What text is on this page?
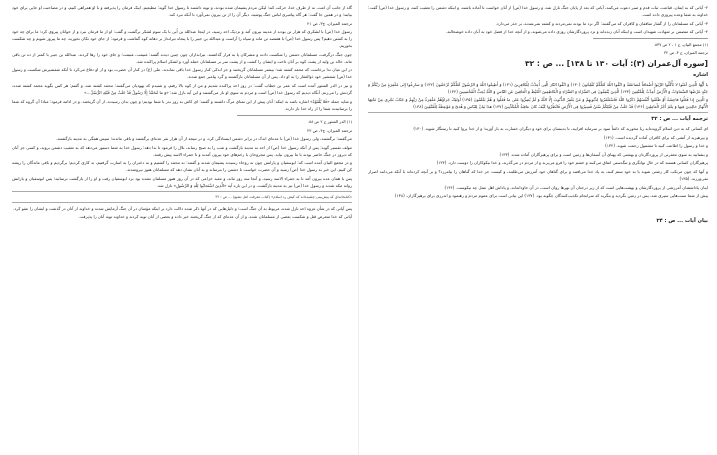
گاه از جانب آن امت، نه از طرف خدا، حرکت کند؛ لیکن مردم پشیمان شده بودند، و توبه داشتند تا رسول خدا گوید: مطیعیم. اینک فرمان را پذیرفته و با او همراهی کنیم، و در مصاحبت او جایی برای خود بیابند؛ و در همین جا گفت: هر گاه پیامبری لباس جنگ پوشید، دیگر آن را از تن بیرون نمی‌آورد تا آنکه نبرد کند.

ترجمه المیزان، ج۳، ص ۲۱

رسول خدا (ص) با لشکری که هزار تن بودند از مدینه بیرون آمد و نزدیک احد رسید، در اینجا عبدالله بن اُبی با یک سوم لشکر برگشت و گفت: او از ما فرمان نبرد و از جوانان پیروی کرد؛ ما برای چه خود را به کشتن دهیم؟ پس رسول خدا (ص) با هفتصد تن ماند و سپاه را آراست و عبدالله بن جبیر را با پنجاه تیرانداز بر دهانه کوه گماشت و فرمود: از جای خود تکان نخورید، چه ما پیروز شویم و چه شکست بخوریم.

چون جنگ درگرفت، مسلمانان دشمن را شکست دادند و مشرکان پا به فرار گذاشتند. تیراندازان چون چنین دیدند گفتند: غنیمت، غنیمت؛ و جای خود را رها کردند. عبدالله بن جبیر با کمتر از ده تن باقی ماند. خالد بن ولید از پشت کوه بر آنان تاخت و ایشان را کشت و از پشت سر بر مسلمانان حمله آورد و لشکر اسلام پراکنده شد.

در این میان ندا برخاست که محمد کشته شد؛ بیشتر مسلمانان گریختند و جز اندکی کنار رسول خدا باقی نماندند. علی (ع) در کنار آن حضرت بود و از او دفاع می‌کرد تا آنکه شمشیرش شکست و رسول خدا (ص) شمشیر خود ذوالفقار را به او داد. پس از آن مسلمانان بازگشتند و گرد پیامبر جمع شدند.

و نیز در الدر المنثور آمده است که عمر بن خطاب گفت: در روز احد پراکنده شدیم و من از کوه بالا رفتم، و شنیدم که یهودیان می‌گفتند: محمد کشته شد، و گفتم: هر کس بگوید محمد کشته شده، گردنش را می‌زنم. آنگاه دیدیم که رسول خدا (ص) است و مردم به سوی او باز می‌گشتند و این آیه نازل شد: «وَ ما مُحَمَّدٌ إِلّا رَسُولٌ قَدْ خَلَتْ مِنْ قَبْلِهِ الرُّسُلُ...»

و شاید جمله «فَلا یُلْقَوْهُ» اشاره باشد به اینکه: آنان پیش از این تمنای مرگ داشتند و گفتند: ای کاش به روز بدر با شما بودیم؛ و چون بدان رسیدند، از آن گریختند. و در ادامه فرمود: مبادا آن گروه که شما را ترسانیدند شما را از راه خدا باز دارند.

(۱) الدر المنثور ج ۲ ص ۸۸.

ترجمه المیزان، ج۴، ص ۲۲

می‌گفتند: برگشتند، ولی رسول خدا (ص) با عده‌ای اندک در برابر دشمن ایستادگی کرد، و در نتیجه از آن هزار نفر عده‌ای برگشتند و باقی ماندند؛ سپس همگی به مدینه بازگشتند.

مولف تفسیر گوید: پس از آنکه رسول خدا (ص) از احد به مدینه بازگشت و شب را به صبح رساند، بلال را فرمود تا ندا دهد: رسول خدا به شما دستور می‌دهد که به تعقیب دشمن بروید، و کسی جز آنان که دیروز در جنگ حاضر بودند با ما بیرون نیاید. پس مجروحان با زخم‌های خود بیرون آمدند و تا حمراء الاسد پیش رفتند.

و در مجمع البیان آمده است که: ابوسفیان و یارانش چون به روحاء رسیدند پشیمان شدند و گفتند: نه محمد را کشتیم و نه دختران را به اسارت گرفتیم، بد کاری کردیم؛ برگردیم و باقی ماندگان را ریشه کن کنیم. این خبر به رسول خدا (ص) رسید و آن حضرت خواست تا دشمن را بترساند و به آنان نشان دهد که مسلمانان هنوز نیرومندند.

پس با همان عده بیرون آمد تا به حمراء الاسد رسید، و آنجا سه روز ماند، و معبد خزاعی که در آن روز هنوز مسلمان نشده بود نزد ابوسفیان رفت و او را از بازگشت ترسانید؛ پس ابوسفیان و یارانش روانه مکه شدند و رسول خدا (ص) نیز به مدینه بازگشت، و در این باره آیه «الَّذِینَ اسْتَجابُوا لِلّهِ وَ الرَّسُولِ» نازل شد.

«کتابخانه‌ای که پیش‌بینی چشیده‌اند که کیش رد اسلام» (کتاب معرفت اهل تشیع) ... ص : ۳۲

پس آیاتی که در شأن غزوه احد نازل شده، مربوط به آن جنگ است؛ و دلیل‌هایی که در آنها ذکر شده دلالت دارد بر اینکه مؤمنان در آن جنگ آزمایش شدند و خداوند از آنان در گذشت و ایشان را عفو کرد.

آیاتی که خدا متعرض قتل و شکست بعضی از مسلمانان شده، و از آن عده‌ای که از جنگ گریختند خبر داده و بعضی از آنان توبه کردند و خداوند توبه آنان را پذیرفت.

۲- آیاتی که به ایمان، قناعت، ثبات قدم و صبر دعوت می‌کنند، آیاتی که بعد از پایان جنگ نازل شد، و رسول خدا (ص) از آنان خواست تا آماده باشند، و اینکه دشمن را تعقیب کنند، و رسول خدا (ص) گفت: خداوند به شما وعده پیروزی داده است.

۳- آیاتی که مسلمانان را از گفتار منافقان و کافران که می‌گفتند: اگر نزد ما بودند نمی‌مردند و کشته نمی‌شدند، بر حذر می‌دارد.

۴- آیاتی که متضمن بر شهادت شهیدان است و اینکه آنان زنده‌اند و نزد پروردگارشان روزی داده می‌شوند، و از آنچه خدا از فضل خود به آنان داده خوشحالند.

(۱) مجمع البیان، ج ۱ - ۲ ص ۸۳۷.

ترجمه المیزان، ج ۳، ص ۳۲

[سوره آل‌عمران (۳): آیات ۱۳۰ تا ۱۳۸] ... ص : ۳۲

اشاره

یا أَیُّهَا الَّذِینَ آمَنُوا لا تَأْکُلُوا الرِّبَوا أَضْعافاً مُضاعَفَةً وَ اتَّقُوا اللّهَ لَعَلَّکُمْ تُفْلِحُونَ (۱۳۰) وَ اتَّقُوا النّارَ الَّتِی أُعِدَّتْ لِلْکافِرِینَ (۱۳۱) وَ أَطِیعُوا اللّهَ وَ الرَّسُولَ لَعَلَّکُمْ تُرْحَمُونَ (۱۳۲) وَ سارِعُوا إِلی مَغْفِرَةٍ مِنْ رَبِّکُمْ وَ جَنَّةٍ عَرْضُهَا السَّماواتُ وَ الْأَرْضُ أُعِدَّتْ لِلْمُتَّقِینَ (۱۳۳) الَّذِینَ یُنْفِقُونَ فِی السَّرّاءِ وَ الضَّرّاءِ وَ الْکاظِمِینَ الْغَیْظَ وَ الْعافِینَ عَنِ النّاسِ وَ اللّهُ یُحِبُّ الْمُحْسِنِینَ (۱۳۴)

وَ الَّذِینَ إِذا فَعَلُوا فاحِشَةً أَوْ ظَلَمُوا أَنْفُسَهُمْ ذَکَرُوا اللّهَ فَاسْتَغْفَرُوا لِذُنُوبِهِمْ وَ مَنْ یَغْفِرُ الذُّنُوبَ إِلَّا اللّهُ وَ لَمْ یُصِرُّوا عَلی ما فَعَلُوا وَ هُمْ یَعْلَمُونَ (۱۳۵) أُولئِکَ جَزاؤُهُمْ مَغْفِرَةٌ مِنْ رَبِّهِمْ وَ جَنّاتٌ تَجْرِی مِنْ تَحْتِهَا الْأَنْهارُ خالِدِینَ فِیها وَ نِعْمَ أَجْرُ الْعامِلِینَ (۱۳۶) قَدْ خَلَتْ مِنْ قَبْلِکُمْ سُنَنٌ فَسِیرُوا فِی الْأَرْضِ فَانْظُرُوا کَیْفَ کانَ عاقِبَةُ الْمُکَذِّبِینَ (۱۳۷) هذا بَیانٌ لِلنّاسِ وَ هُدیً وَ مَوْعِظَةٌ لِلْمُتَّقِینَ (۱۳۸)

ترجمه آیات ... ص : ۳۲

ای کسانی که به دین اسلام گرویده‌اید ربا مخورید که دائماً سود بر سرمایه افزایید، تا بدینسان برای خود و دیگران خسارت به بار آورید؛ و از خدا پروا کنید تا رستگار شوید. (۱۳۰)

و بپرهیزید از آتشی که برای کافران آماده گردیده است. (۱۳۱)

و خدا و رسول را اطاعت کنید تا مشمول رحمت شوید. (۱۳۲)

و بشتابید به سوی مغفرتی از پروردگارتان و بهشتی که پهنای آن آسمان‌ها و زمین است و برای پرهیزگاران آماده شده. (۱۳۳)

پرهیزگاران کسانی هستند که در حال توانگری و تنگدستی انفاق می‌کنند و خشم خود را فرو می‌برند و از مردم در می‌گذرند، و خدا نیکوکاران را دوست دارد. (۱۳۴)

و آنها که چون مرتکب کار زشتی شوند یا به خود ستم کنند، به یاد خدا می‌افتند و برای گناهان خود آمرزش می‌طلبند، و کیست جز خدا که گناهان را بیامرزد؟ و بر آنچه کرده‌اند با آنکه می‌دانند اصرار نمی‌ورزند. (۱۳۵)

اینان پاداششان آمرزشی از پروردگارشان و بهشت‌هایی است که از زیر درختان آن نهرها روان است، در آن جاودانه‌اند، و پاداش اهل عمل چه نیکوست. (۱۳۶)

پیش از شما سنت‌هایی سپری شد، پس در زمین بگردید و بنگرید که سرانجام تکذیب‌کنندگان چگونه بود. (۱۳۷) این بیانی است برای عموم مردم و رهنمود و اندرزی برای پرهیزگاران. (۱۳۸)

بیان آیات ... ص : ۳۴
